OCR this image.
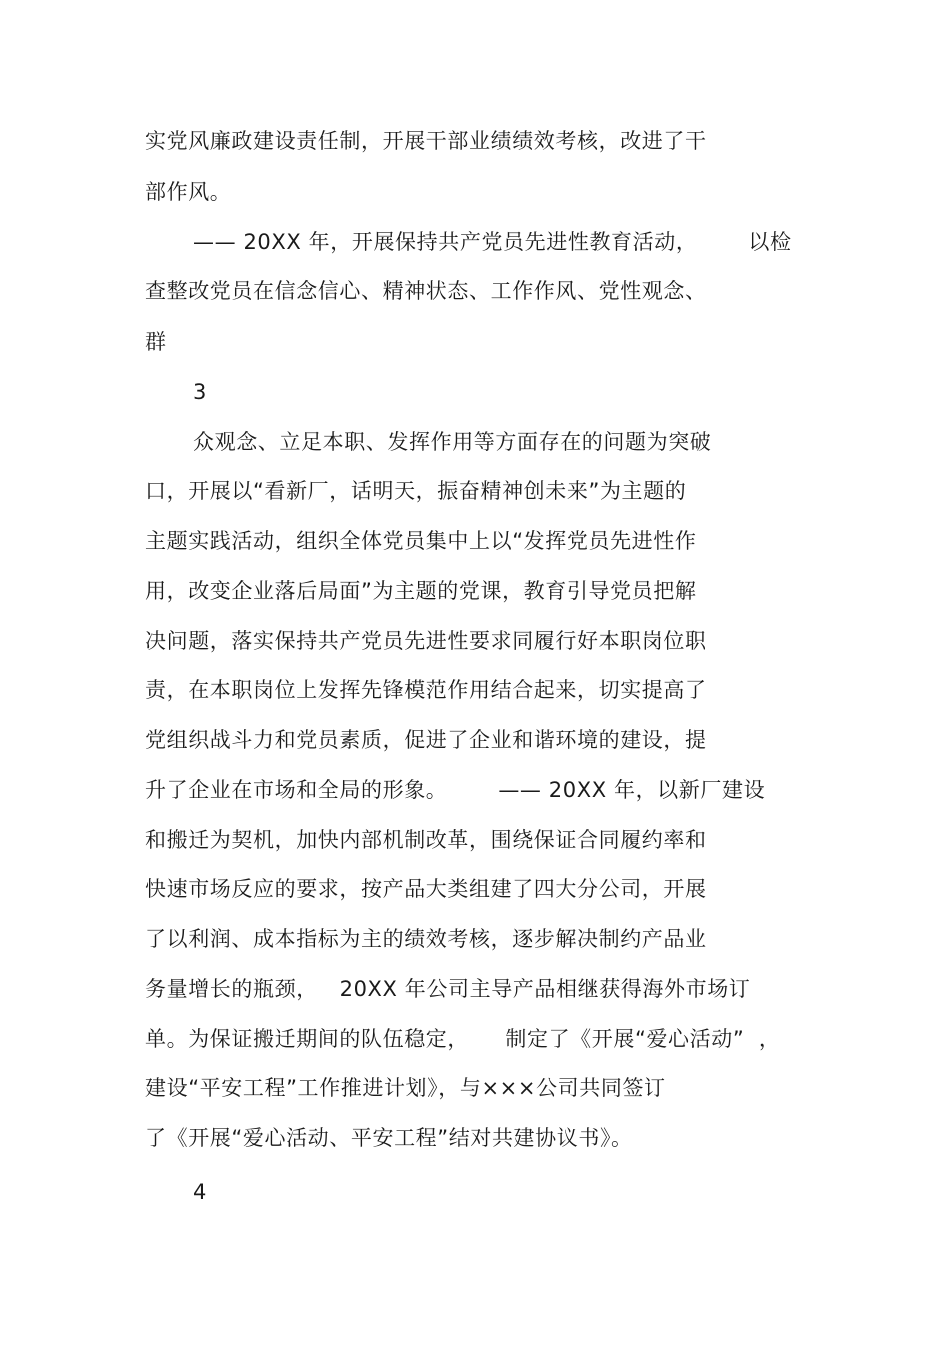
实党风廉政建设责任制，开展干部业绩绩效考核，改进了干
部作风。
—— 20XX 年，开展保持共产党员先进性教育活动，       以检
查整改党员在信念信心、精神状态、工作作风、党性观念、
群
3
众观念、立足本职、发挥作用等方面存在的问题为突破
口，开展以“看新厂，话明天，振奋精神创未来”为主题的
主题实践活动，组织全体党员集中上以“发挥党员先进性作
用，改变企业落后局面”为主题的党课，教育引导党员把解
决问题，落实保持共产党员先进性要求同履行好本职岗位职
责，在本职岗位上发挥先锋模范作用结合起来，切实提高了
党组织战斗力和党员素质，促进了企业和谐环境的建设，提
升了企业在市场和全局的形象。       —— 20XX 年，以新厂建设
和搬迁为契机，加快内部机制改革，围绕保证合同履约率和
快速市场反应的要求，按产品大类组建了四大分公司，开展
了以利润、成本指标为主的绩效考核，逐步解决制约产品业
务量增长的瓶颈，   20XX 年公司主导产品相继获得海外市场订
单。为保证搬迁期间的队伍稳定，     制定了《开展“爱心活动”  ，
建设“平安工程”工作推进计划》，与×××公司共同签订
了《开展“爱心活动、平安工程”结对共建协议书》。
4
